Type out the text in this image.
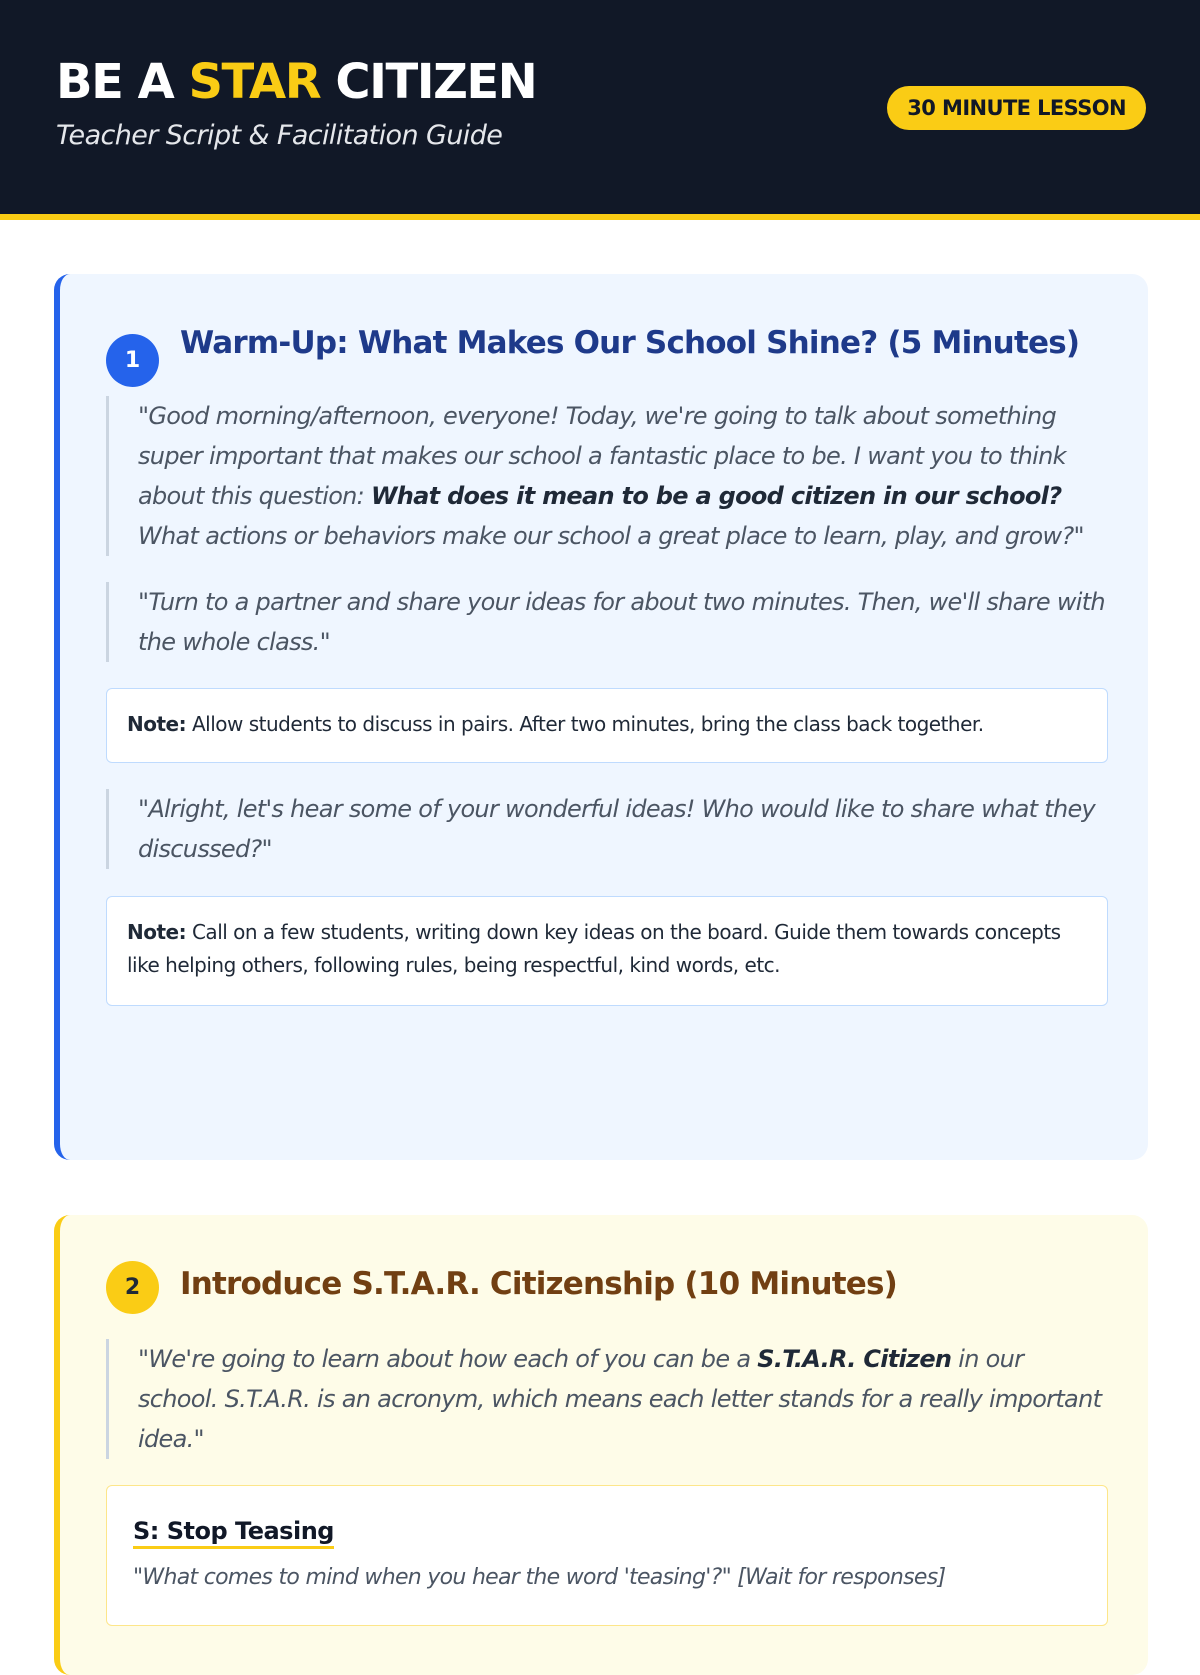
BE A STAR CITIZEN
Teacher Script & Facilitation Guide
30 MINUTE LESSON
1	Warm-Up: What Makes Our School Shine? (5 Minutes)
"Good morning/afternoon, everyone! Today, we're going to talk about something super important that makes our school a fantastic place to be. I want you to think about this question: What does it mean to be a good citizen in our school? What actions or behaviors make our school a great place to learn, play, and grow?"
"Turn to a partner and share your ideas for about two minutes. Then, we'll share with the whole class."
Note: Allow students to discuss in pairs. After two minutes, bring the class back together.
"Alright, let's hear some of your wonderful ideas! Who would like to share what they discussed?"
Note: Call on a few students, writing down key ideas on the board. Guide them towards concepts like helping others, following rules, being respectful, kind words, etc.
2	Introduce S.T.A.R. Citizenship (10 Minutes)
"We're going to learn about how each of you can be a S.T.A.R. Citizen in our school. S.T.A.R. is an acronym, which means each letter stands for a really important idea."
S: Stop Teasing
"What comes to mind when you hear the word 'teasing'?" [Wait for responses]
